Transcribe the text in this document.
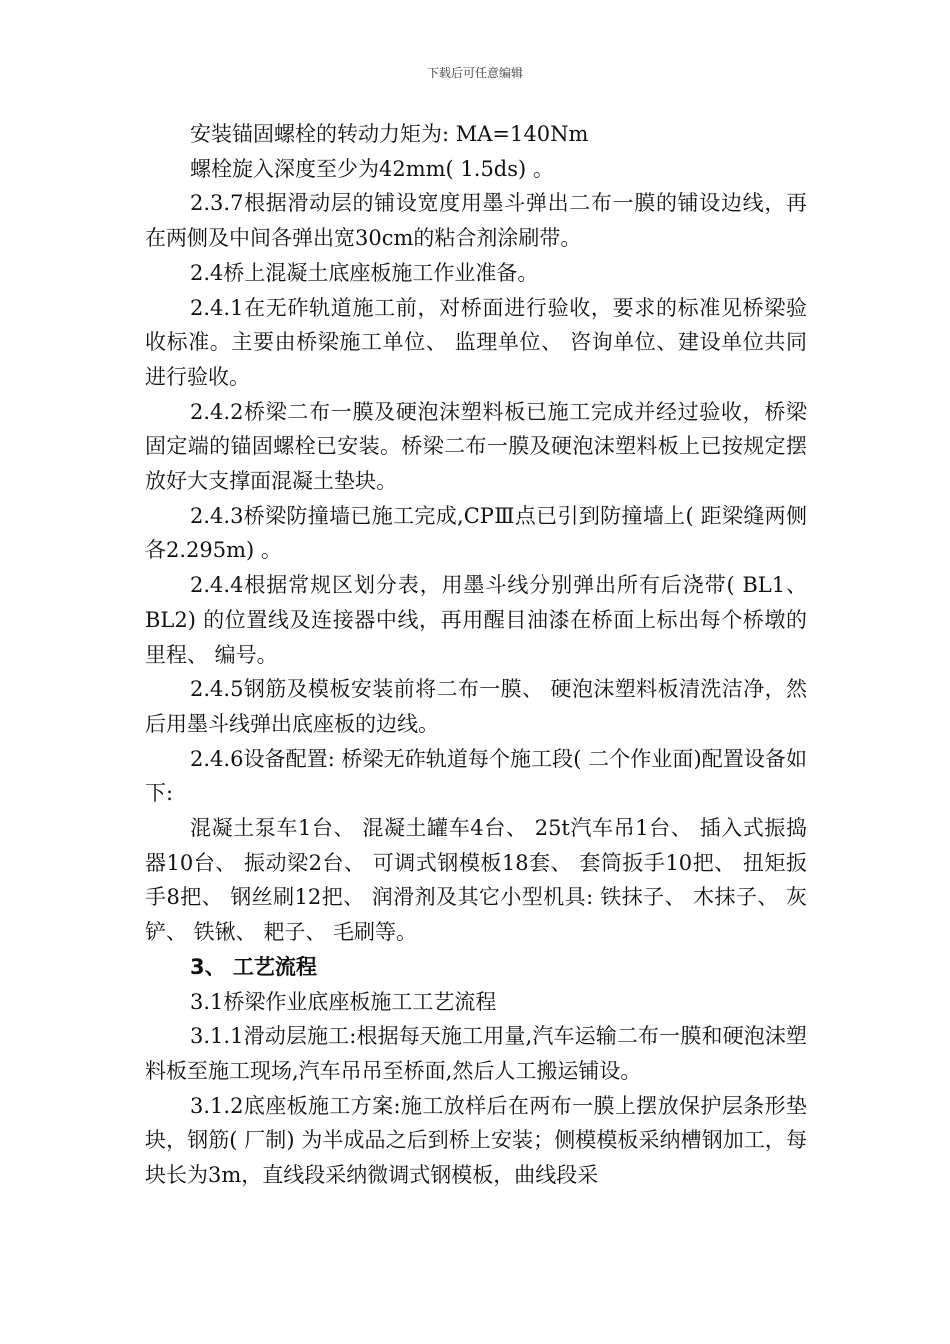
下载后可任意编辑

安装锚固螺栓的转动力矩为: MA=140Nm

螺栓旋入深度至少为42mm( 1.5ds) 。

2.3.7根据滑动层的铺设宽度用墨斗弹出二布一膜的铺设边线，再在两侧及中间各弹出宽30cm的粘合剂涂刷带。

2.4桥上混凝土底座板施工作业准备。

2.4.1在无砟轨道施工前，对桥面进行验收，要求的标准见桥梁验收标准。主要由桥梁施工单位、 监理单位、 咨询单位、建设单位共同进行验收。

2.4.2桥梁二布一膜及硬泡沫塑料板已施工完成并经过验收，桥梁固定端的锚固螺栓已安装。桥梁二布一膜及硬泡沫塑料板上已按规定摆放好大支撑面混凝土垫块。

2.4.3桥梁防撞墙已施工完成,CPⅢ点已引到防撞墙上( 距梁缝两侧各2.295m) 。

2.4.4根据常规区划分表，用墨斗线分别弹出所有后浇带( BL1、 BL2) 的位置线及连接器中线，再用醒目油漆在桥面上标出每个桥墩的里程、 编号。

2.4.5钢筋及模板安装前将二布一膜、 硬泡沫塑料板清洗洁净，然后用墨斗线弹出底座板的边线。

2.4.6设备配置: 桥梁无砟轨道每个施工段( 二个作业面)配置设备如下:

混凝土泵车1台、 混凝土罐车4台、 25t汽车吊1台、 插入式振捣器10台、 振动梁2台、 可调式钢模板18套、 套筒扳手10把、 扭矩扳手8把、 钢丝刷12把、 润滑剂及其它小型机具: 铁抹子、 木抹子、 灰铲、 铁锹、 耙子、 毛刷等。

3、 工艺流程

3.1桥梁作业底座板施工工艺流程

3.1.1滑动层施工:根据每天施工用量,汽车运输二布一膜和硬泡沫塑料板至施工现场,汽车吊吊至桥面,然后人工搬运铺设。

3.1.2底座板施工方案:施工放样后在两布一膜上摆放保护层条形垫块，钢筋( 厂制) 为半成品之后到桥上安装；侧模模板采纳槽钢加工，每块长为3m，直线段采纳微调式钢模板，曲线段采
